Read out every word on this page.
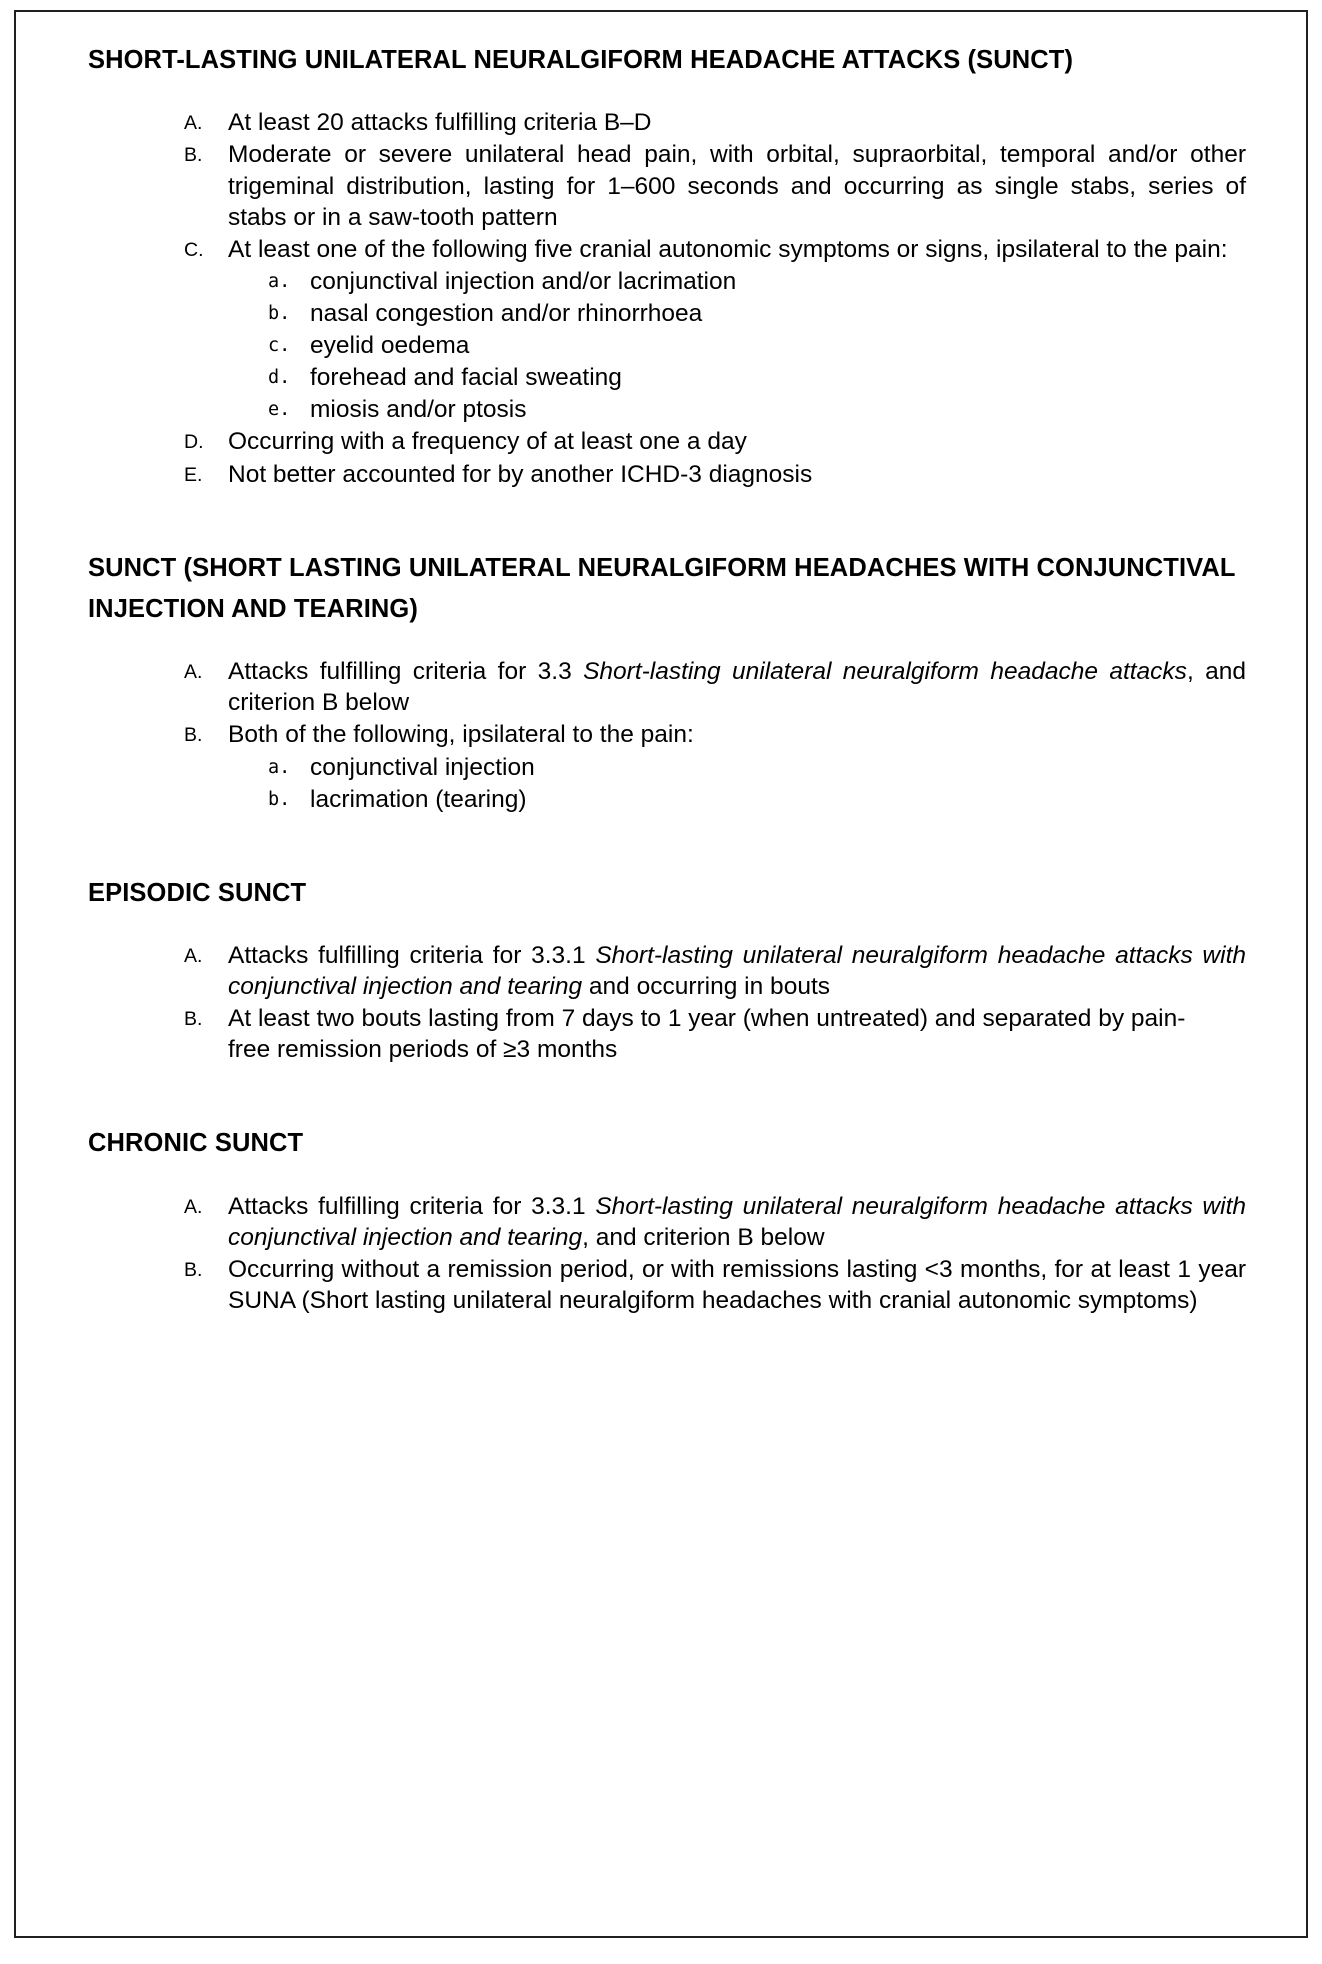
SHORT-LASTING UNILATERAL NEURALGIFORM HEADACHE ATTACKS (SUNCT)
A.	At least 20 attacks fulfilling criteria B–D
B.	Moderate or severe unilateral head pain, with orbital, supraorbital, temporal and/or other trigeminal distribution, lasting for 1–600 seconds and occurring as single stabs, series of stabs or in a saw-tooth pattern
C.	At least one of the following five cranial autonomic symptoms or signs, ipsilateral to the pain:
a. conjunctival injection and/or lacrimation
b. nasal congestion and/or rhinorrhoea
c. eyelid oedema
d. forehead and facial sweating
e. miosis and/or ptosis
D.	Occurring with a frequency of at least one a day
E.	Not better accounted for by another ICHD-3 diagnosis
SUNCT (SHORT LASTING UNILATERAL NEURALGIFORM HEADACHES WITH CONJUNCTIVAL INJECTION AND TEARING)
A.	Attacks fulfilling criteria for 3.3 Short-lasting unilateral neuralgiform headache attacks, and criterion B below
B.	Both of the following, ipsilateral to the pain:
a. conjunctival injection
b. lacrimation (tearing)
EPISODIC SUNCT
A.	Attacks fulfilling criteria for 3.3.1 Short-lasting unilateral neuralgiform headache attacks with conjunctival injection and tearing and occurring in bouts
B.	At least two bouts lasting from 7 days to 1 year (when untreated) and separated by pain-
free remission periods of ≥3 months
CHRONIC SUNCT
A.	Attacks fulfilling criteria for 3.3.1 Short-lasting unilateral neuralgiform headache attacks with conjunctival injection and tearing, and criterion B below
B.	Occurring without a remission period, or with remissions lasting <3 months, for at least 1 year SUNA (Short lasting unilateral neuralgiform headaches with cranial autonomic symptoms)
